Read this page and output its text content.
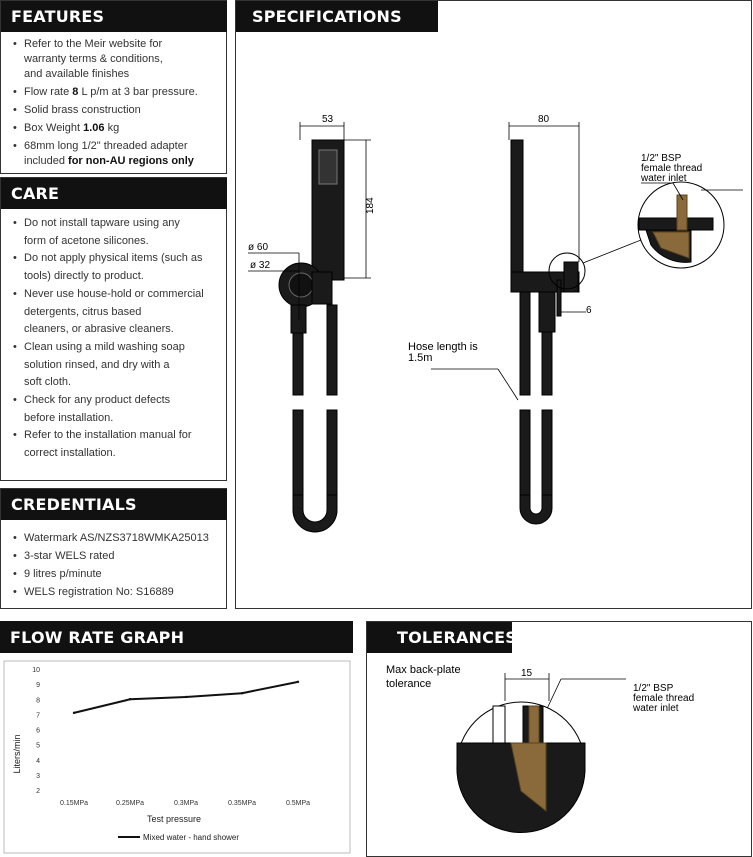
FEATURES
• Refer to the Meir website for
warranty terms & conditions,
and available finishes
• Flow rate 8 L p/m at 3 bar pressure.
• Solid brass construction
• Box Weight 1.06 kg
• 68mm long 1/2" threaded adapter
included for non-AU regions only
CARE
• Do not install tapware using any
form of acetone silicones.
• Do not apply physical items (such as
tools) directly to product.
• Never use house-hold or commercial
detergents, citrus based
cleaners, or abrasive cleaners.
• Clean using a mild washing soap
solution rinsed, and dry with a
soft cloth.
• Check for any product defects
before installation.
• Refer to the installation manual for
correct installation.
CREDENTIALS
• Watermark AS/NZS3718WMKA25013
• 3-star WELS rated
• 9 litres p/minute
• WELS registration No: S16889
SPECIFICATIONS
53
184
ø 60
ø 32
80
6
1/2" BSP
female thread
water inlet
Hose length is
1.5m
FLOW RATE GRAPH
2
3
4
5
6
7
8
9
10
0.15MPa	0.25MPa	0.3MPa	0.35MPa	0.5MPa
Test pressure
Liters/min
Mixed water - hand shower
TOLERANCES
Max back-plate
tolerance
15
1/2" BSP
female thread
water inlet
